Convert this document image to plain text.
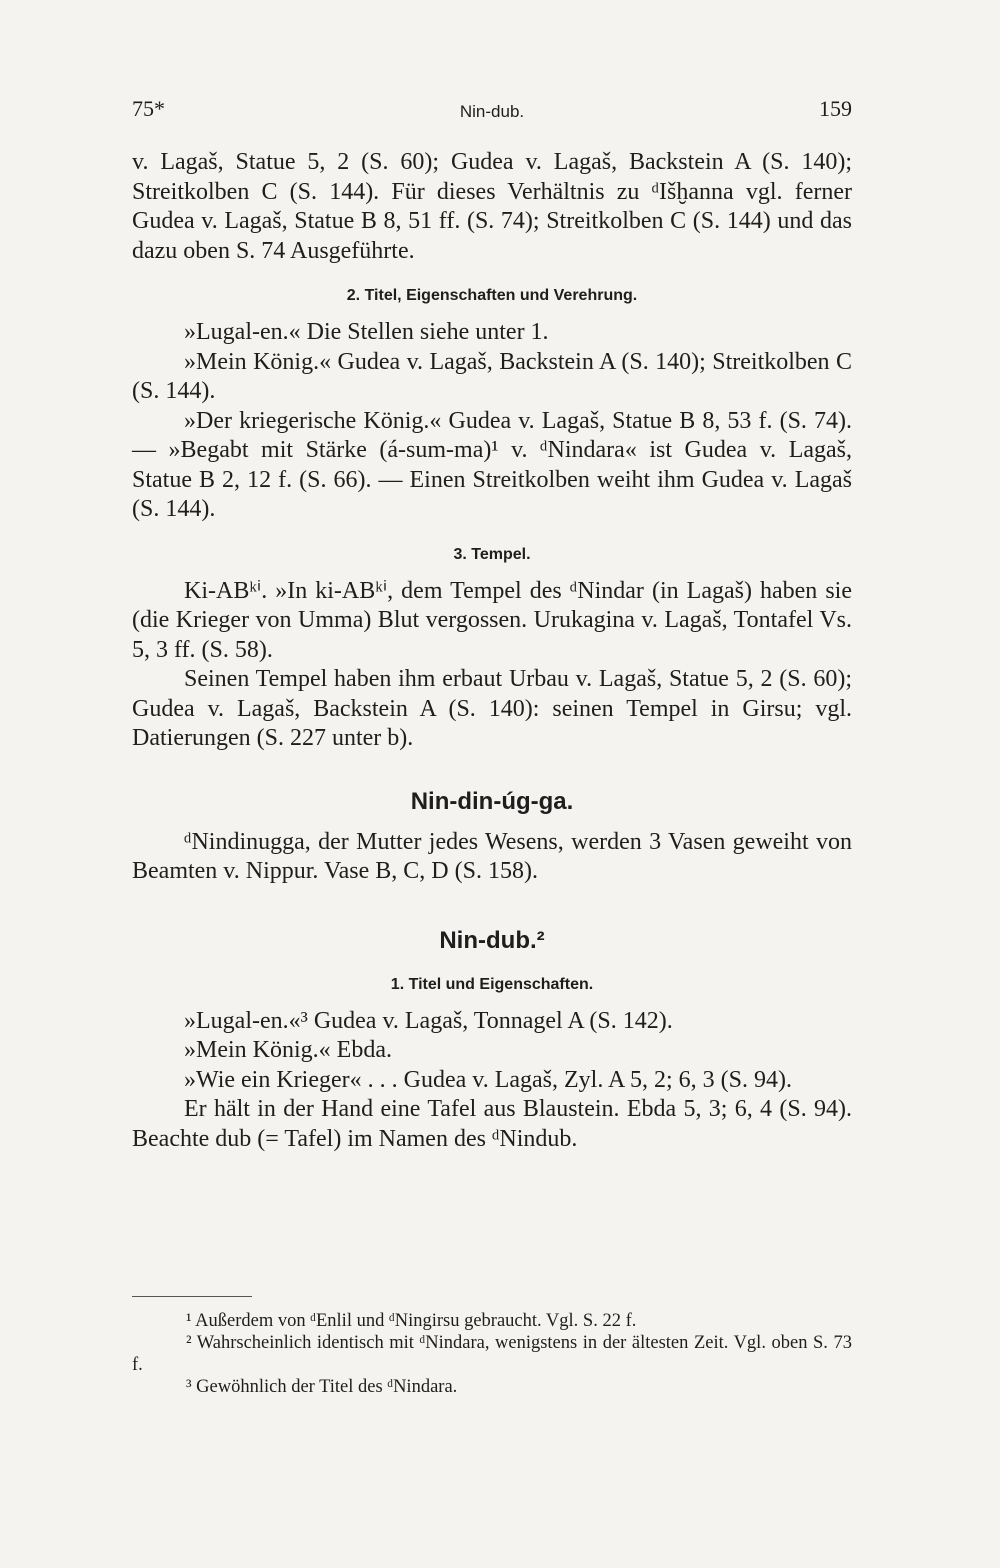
75*	Nin-dub.	159

v. Lagaš, Statue 5, 2 (S. 60); Gudea v. Lagaš, Backstein A (S. 140); Streitkolben C (S. 144). Für dieses Verhältnis zu ᵈIšḫanna vgl. ferner Gudea v. Lagaš, Statue B 8, 51 ff. (S. 74); Streitkolben C (S. 144) und das dazu oben S. 74 Ausgeführte.

2. Titel, Eigenschaften und Verehrung.

»Lugal-en.« Die Stellen siehe unter 1.

»Mein König.« Gudea v. Lagaš, Backstein A (S. 140); Streitkolben C (S. 144).

»Der kriegerische König.« Gudea v. Lagaš, Statue B 8, 53 f. (S. 74). — »Begabt mit Stärke (á-sum-ma)¹ v. ᵈNindara« ist Gudea v. Lagaš, Statue B 2, 12 f. (S. 66). — Einen Streitkolben weiht ihm Gudea v. Lagaš (S. 144).

3. Tempel.

Ki-ABᵏⁱ. »In ki-ABᵏⁱ, dem Tempel des ᵈNindar (in Lagaš) haben sie (die Krieger von Umma) Blut vergossen. Urukagina v. Lagaš, Tontafel Vs. 5, 3 ff. (S. 58).

Seinen Tempel haben ihm erbaut Urbau v. Lagaš, Statue 5, 2 (S. 60); Gudea v. Lagaš, Backstein A (S. 140): seinen Tempel in Girsu; vgl. Datierungen (S. 227 unter b).

Nin-din-úg-ga.

ᵈNindinugga, der Mutter jedes Wesens, werden 3 Vasen geweiht von Beamten v. Nippur. Vase B, C, D (S. 158).

Nin-dub.²
1. Titel und Eigenschaften.

»Lugal-en.«³ Gudea v. Lagaš, Tonnagel A (S. 142).

»Mein König.« Ebda.

»Wie ein Krieger« . . . Gudea v. Lagaš, Zyl. A 5, 2; 6, 3 (S. 94).

Er hält in der Hand eine Tafel aus Blaustein. Ebda 5, 3; 6, 4 (S. 94). Beachte dub (= Tafel) im Namen des ᵈNindub.

¹ Außerdem von ᵈEnlil und ᵈNingirsu gebraucht. Vgl. S. 22 f.

² Wahrscheinlich identisch mit ᵈNindara, wenigstens in der ältesten Zeit. Vgl. oben S. 73 f.

³ Gewöhnlich der Titel des ᵈNindara.
